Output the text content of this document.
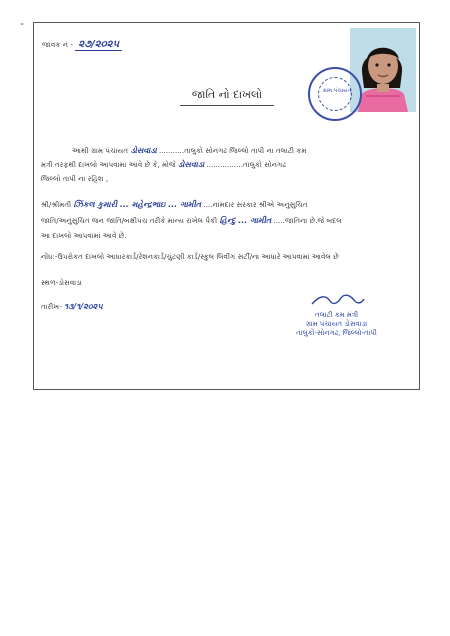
“
જાવક નં - ૨૭/૨૦૨૫
ગ્રામ પંચાયત
જાતિ નો દાખલો
આથી ગ્રામ પંચાયત ડોસવાડા ...........તાલુકો સોનગઢ જિલ્લો તાપી ના તલાટી કમ
મંત્રી તરફથી દાખલો આપવામા આવે છે કે, મોજે ડોસવાડા ................તાલુકો સોનગઢ
જિલ્લો તાપી ના રહિશ ,
શ્રી/શ્રીમતી ઝિંકલ કુમારી ... મહેન્દ્રભાઇ ... ગામીત ....નામદાર સરકાર શ્રીએ અનુસુચિત
જાતિ/અનુસુચિત જન જાતિ/બક્ષીપંચ તરીકે માન્ય રાખેલ પૈકી હિન્દુ ... ગામીત .....જાતિના છે.જે બદલ
આ દાખલો આપવામાં આવે છે.
નોંધ:-ઉપરોકત દાખલો આધારકાર્ડ/રેશનકાર્ડ/ચુંટણી કાર્ડ/સ્કુલ લિવીંગ સર્ટી/ના આધારે આપવામાં આવેલ છે
સ્થળ-ડોસવાડા
તારીખ- ૧૩/૧/૨૦૨૫
તલાટી કમ મંત્રી
ગ્રામ પંચાયત ડોસવાડા
તાલુકો-સોનગઢ, જિલ્લો-તાપી
